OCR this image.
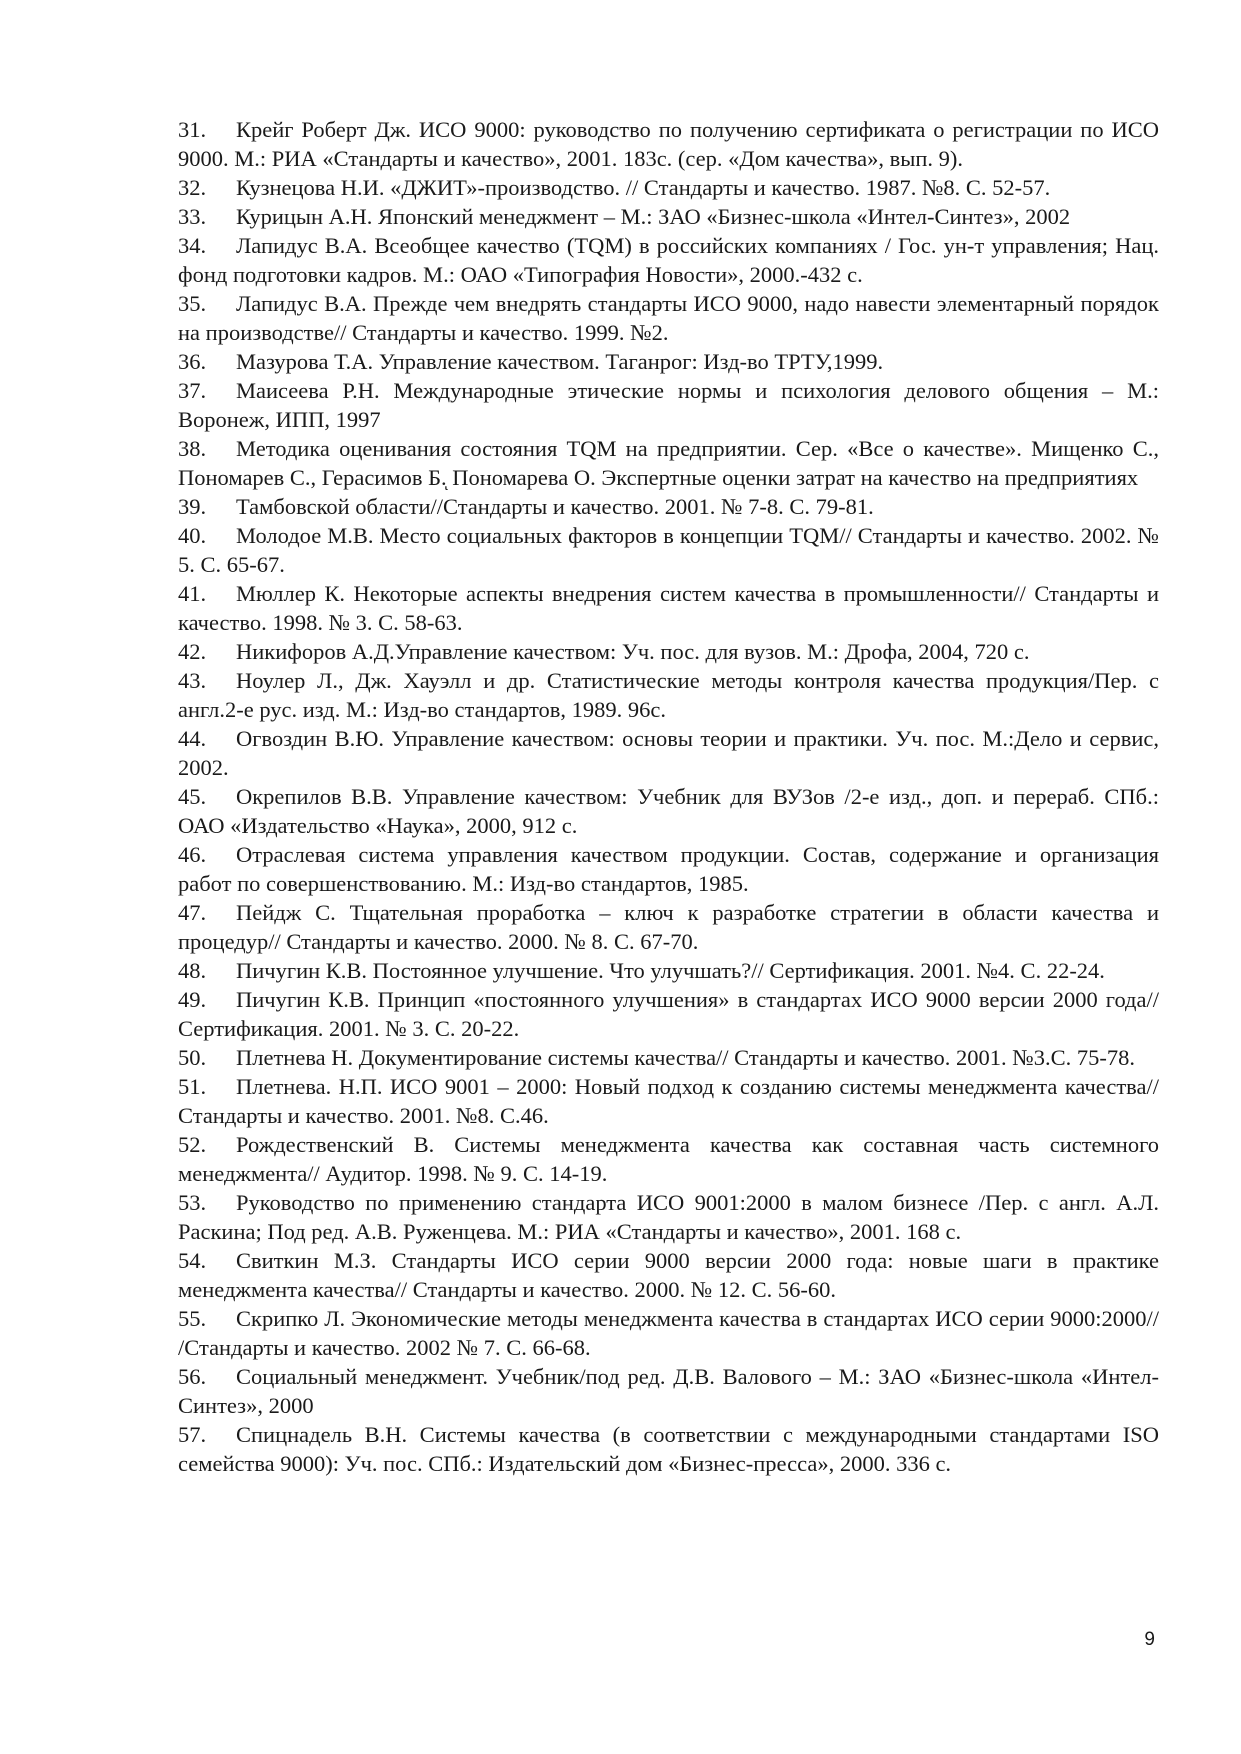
31. Крейг Роберт Дж. ИСО 9000: руководство по получению сертификата о регистрации по ИСО 9000. М.: РИА «Стандарты и качество», 2001. 183с. (сер. «Дом качества», вып. 9).
32. Кузнецова Н.И. «ДЖИТ»-производство. // Стандарты и качество. 1987. №8. С. 52-57.
33. Курицын А.Н. Японский менеджмент – М.: ЗАО «Бизнес-школа «Интел-Синтез», 2002
34. Лапидус В.А. Всеобщее качество (TQM) в российских компаниях / Гос. ун-т управления; Нац. фонд подготовки кадров. М.: ОАО «Типография Новости», 2000.-432 с.
35. Лапидус В.А. Прежде чем внедрять стандарты ИСО 9000, надо навести элементарный порядок на производстве// Стандарты и качество. 1999. №2.
36. Мазурова Т.А. Управление качеством. Таганрог: Изд-во ТРТУ,1999.
37. Маисеева Р.Н. Международные этические нормы и психология делового общения – М.: Воронеж, ИПП, 1997
38. Методика оценивания состояния TQM на предприятии. Сер. «Все о качестве». Мищенко С., Пономарев С., Герасимов Б.ͅ Пономарева О. Экспертные оценки затрат на качество на предприятиях
39. Тамбовской области//Стандарты и качество. 2001. № 7-8. С. 79-81.
40. Молодое М.В. Место социальных факторов в концепции TQM// Стандарты и качество. 2002. № 5. С. 65-67.
41. Мюллер К. Некоторые аспекты внедрения систем качества в промышленности// Стандарты и качество. 1998. № 3. С. 58-63.
42. Никифоров А.Д.Управление качеством: Уч. пос. для вузов. М.: Дрофа, 2004, 720 с.
43. Ноулер Л., Дж. Хауэлл и др. Статистические методы контроля качества продукция/Пер. с англ.2-е рус. изд. М.: Изд-во стандартов, 1989. 96с.
44. Огвоздин В.Ю. Управление качеством: основы теории и практики. Уч. пос. М.:Дело и сервис, 2002.
45. Окрепилов В.В. Управление качеством: Учебник для ВУЗов /2-е изд., доп. и перераб. СПб.: ОАО «Издательство «Наука», 2000, 912 с.
46. Отраслевая система управления качеством продукции. Состав, содержание и организация работ по совершенствованию. М.: Изд-во стандартов, 1985.
47. Пейдж С. Тщательная проработка – ключ к разработке стратегии в области качества и процедур// Стандарты и качество. 2000. № 8. С. 67-70.
48. Пичугин К.В. Постоянное улучшение. Что улучшать?// Сертификация. 2001. №4. С. 22-24.
49. Пичугин К.В. Принцип «постоянного улучшения» в стандартах ИСО 9000 версии 2000 года// Сертификация. 2001. № 3. С. 20-22.
50. Плетнева Н. Документирование системы качества// Стандарты и качество. 2001. №3.С. 75-78.
51. Плетнева. Н.П. ИСО 9001 – 2000: Новый подход к созданию системы менеджмента качества// Стандарты и качество. 2001. №8. С.46.
52. Рождественский В. Системы менеджмента качества как составная часть системного менеджмента// Аудитор. 1998. № 9. С. 14-19.
53. Руководство по применению стандарта ИСО 9001:2000 в малом бизнесе /Пер. с англ. А.Л. Раскина; Под ред. А.В. Руженцева. М.: РИА «Стандарты и качество», 2001. 168 с.
54. Свиткин М.З. Стандарты ИСО серии 9000 версии 2000 года: новые шаги в практике менеджмента качества// Стандарты и качество. 2000. № 12. С. 56-60.
55. Скрипко Л. Экономические методы менеджмента качества в стандартах ИСО серии 9000:2000// /Стандарты и качество. 2002 № 7. С. 66-68.
56. Социальный менеджмент. Учебник/под ред. Д.В. Валового – М.: ЗАО «Бизнес-школа «Интел-Синтез», 2000
57. Спицнадель В.Н. Системы качества (в соответствии с международными стандартами ISO семейства 9000): Уч. пос. СПб.: Издательский дом «Бизнес-пресса», 2000. 336 с.
9
